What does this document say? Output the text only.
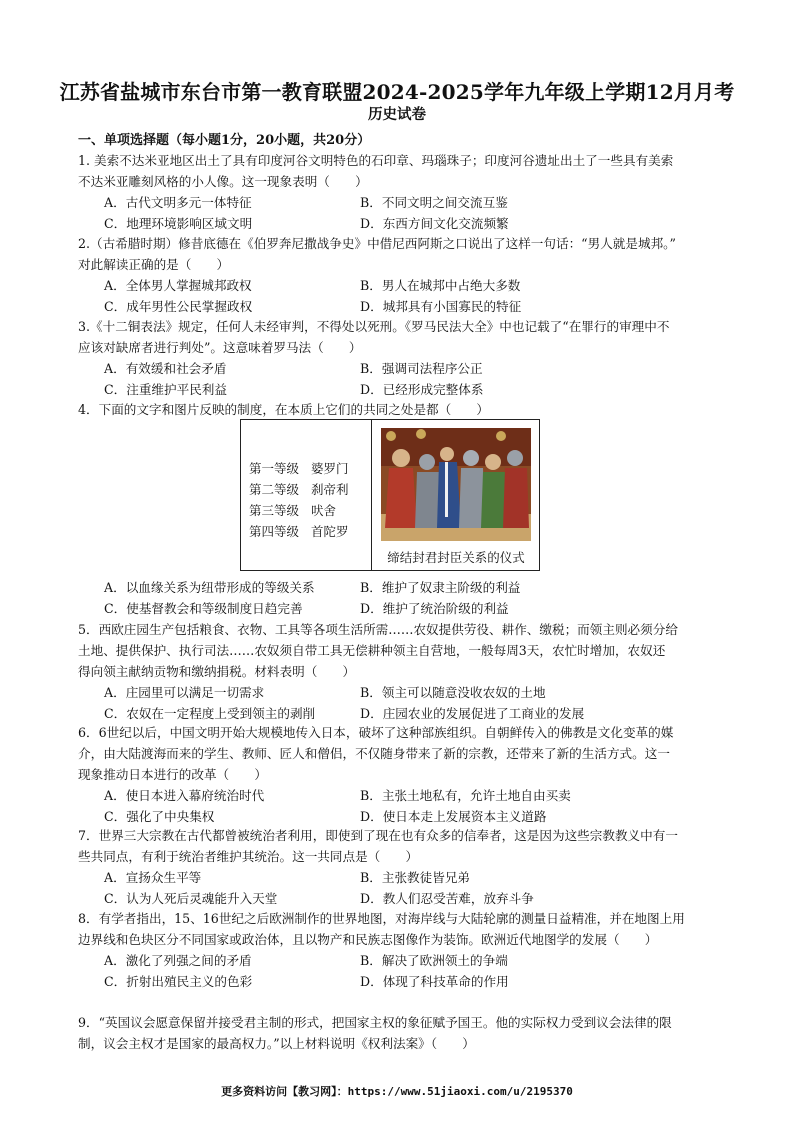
江苏省盐城市东台市第一教育联盟2024-2025学年九年级上学期12月月考
历史试卷
一、单项选择题（每小题1分，20小题，共20分）
1. 美索不达米亚地区出土了具有印度河谷文明特色的石印章、玛瑙珠子；印度河谷遗址出土了一些具有美索
不达米亚雕刻风格的小人像。这一现象表明（　　）
A．古代文明多元一体特征	B．不同文明之间交流互鉴
C．地理环境影响区域文明	D．东西方间文化交流频繁
2.（古希腊时期）修昔底德在《伯罗奔尼撒战争史》中借尼西阿斯之口说出了这样一句话：“男人就是城邦。”
对此解读正确的是（　　）
A．全体男人掌握城邦政权	B．男人在城邦中占绝大多数
C．成年男性公民掌握政权	D．城邦具有小国寡民的特征
3.《十二铜表法》规定，任何人未经审判，不得处以死刑。《罗马民法大全》中也记载了“在罪行的审理中不
应该对缺席者进行判处”。这意味着罗马法（　　）
A．有效缓和社会矛盾	B．强调司法程序公正
C．注重维护平民利益	D．已经形成完整体系
4．下面的文字和图片反映的制度，在本质上它们的共同之处是都（　　）
A．以血缘关系为纽带形成的等级关系	B．维护了奴隶主阶级的利益
C．使基督教会和等级制度日趋完善	D．维护了统治阶级的利益
5．西欧庄园生产包括粮食、衣物、工具等各项生活所需……农奴提供劳役、耕作、缴税；而领主则必须分给
土地、提供保护、执行司法……农奴须自带工具无偿耕种领主自营地，一般每周3天，农忙时增加，农奴还
得向领主献纳贡物和缴纳捐税。材料表明（　　）
A．庄园里可以满足一切需求	B．领主可以随意没收农奴的土地
C．农奴在一定程度上受到领主的剥削	D．庄园农业的发展促进了工商业的发展
6．6世纪以后，中国文明开始大规模地传入日本，破坏了这种部族组织。自朝鲜传入的佛教是文化变革的媒
介，由大陆渡海而来的学生、教师、匠人和僧侣，不仅随身带来了新的宗教，还带来了新的生活方式。这一
现象推动日本进行的改革（　　）
A．使日本进入幕府统治时代	B．主张土地私有，允许土地自由买卖
C．强化了中央集权	D．使日本走上发展资本主义道路
7．世界三大宗教在古代都曾被统治者利用，即使到了现在也有众多的信奉者，这是因为这些宗教教义中有一
些共同点，有利于统治者维护其统治。这一共同点是（　　）
A．宣扬众生平等	B．主张教徒皆兄弟
C．认为人死后灵魂能升入天堂	D．教人们忍受苦难，放弃斗争
8．有学者指出，15、16世纪之后欧洲制作的世界地图，对海岸线与大陆轮廓的测量日益精准，并在地图上用
边界线和色块区分不同国家或政治体，且以物产和民族志图像作为装饰。欧洲近代地图学的发展（　　）
A．激化了列强之间的矛盾	B．解决了欧洲领土的争端
C．折射出殖民主义的色彩	D．体现了科技革命的作用
9．“英国议会愿意保留并接受君主制的形式，把国家主权的象征赋予国王。他的实际权力受到议会法律的限
制，议会主权才是国家的最高权力。”以上材料说明《权利法案》（　　）
第一等级 婆罗门
第二等级 刹帝利
第三等级 吠舍
第四等级 首陀罗
缔结封君封臣关系的仪式
更多资料访问【教习网】：https://www.51jiaoxi.com/u/2195370
